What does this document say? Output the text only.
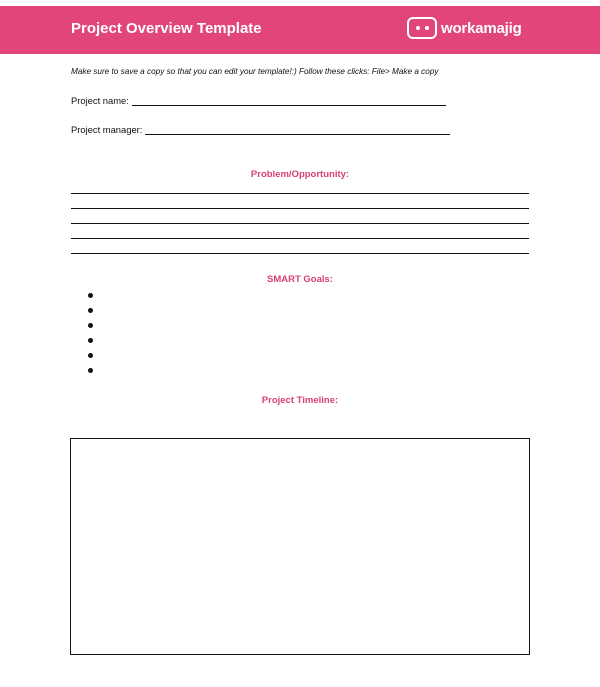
Project Overview Template	workamajig
Make sure to save a copy so that you can edit your template!:) Follow these clicks: File> Make a copy
Project name:
Project manager:
Problem/Opportunity:
SMART Goals:
Project Timeline:
